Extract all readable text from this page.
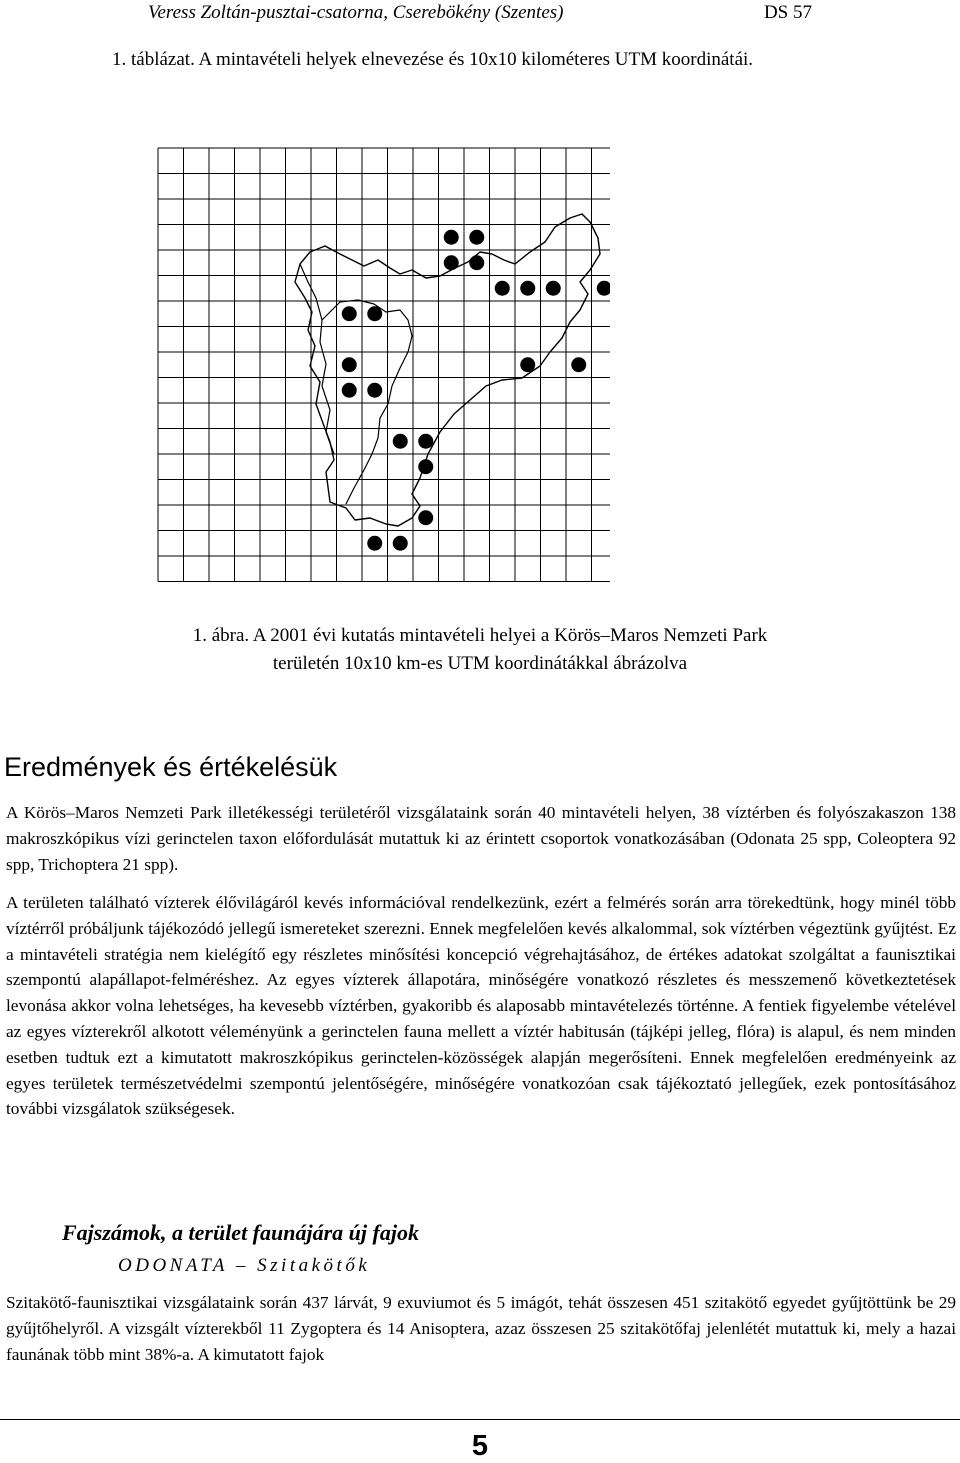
Veress Zoltán-pusztai-csatorna, Cserebökény (Szentes)	DS 57
1. táblázat. A mintavételi helyek elnevezése és 10x10 kilométeres UTM koordinátái.
1. ábra. A 2001 évi kutatás mintavételi helyei a Körös–Maros Nemzeti Park
területén 10x10 km-es UTM koordinátákkal ábrázolva
Eredmények és értékelésük

A Körös–Maros Nemzeti Park illetékességi területéről vizsgálataink során 40 mintavételi helyen, 38 víztérben és folyószakaszon 138 makroszkópikus vízi gerinctelen taxon előfordulását mutattuk ki az érintett csoportok vonatkozásában (Odonata 25 spp, Coleoptera 92 spp, Trichoptera 21 spp).

A területen található vízterek élővilágáról kevés információval rendelkezünk, ezért a felmérés során arra törekedtünk, hogy minél több víztérről próbáljunk tájékozódó jellegű ismereteket szerezni. Ennek megfelelően kevés alkalommal, sok víztérben végeztünk gyűjtést. Ez a mintavételi stratégia nem kielégítő egy részletes minősítési koncepció végrehajtásához, de értékes adatokat szolgáltat a faunisztikai szempontú alapállapot-felméréshez. Az egyes vízterek állapotára, minőségére vonatkozó részletes és messzemenő következtetések levonása akkor volna lehetséges, ha kevesebb víztérben, gyakoribb és alaposabb mintavételezés történne. A fentiek figyelembe vételével az egyes vízterekről alkotott véleményünk a gerinctelen fauna mellett a víztér habitusán (tájképi jelleg, flóra) is alapul, és nem minden esetben tudtuk ezt a kimutatott makroszkópikus gerinctelen-közösségek alapján megerősíteni. Ennek megfelelően eredményeink az egyes területek természetvédelmi szempontú jelentőségére, minőségére vonatkozóan csak tájékoztató jellegűek, ezek pontosításához további vizsgálatok szükségesek.

Fajszámok, a terület faunájára új fajok
ODONATA – Szitakötők

Szitakötő-faunisztikai vizsgálataink során 437 lárvát, 9 exuviumot és 5 imágót, tehát összesen 451 szitakötő egyedet gyűjtöttünk be 29 gyűjtőhelyről. A vizsgált vízterekből 11 Zygoptera és 14 Anisoptera, azaz összesen 25 szitakötőfaj jelenlétét mutattuk ki, mely a hazai faunának több mint 38%-a. A kimutatott fajok

5
